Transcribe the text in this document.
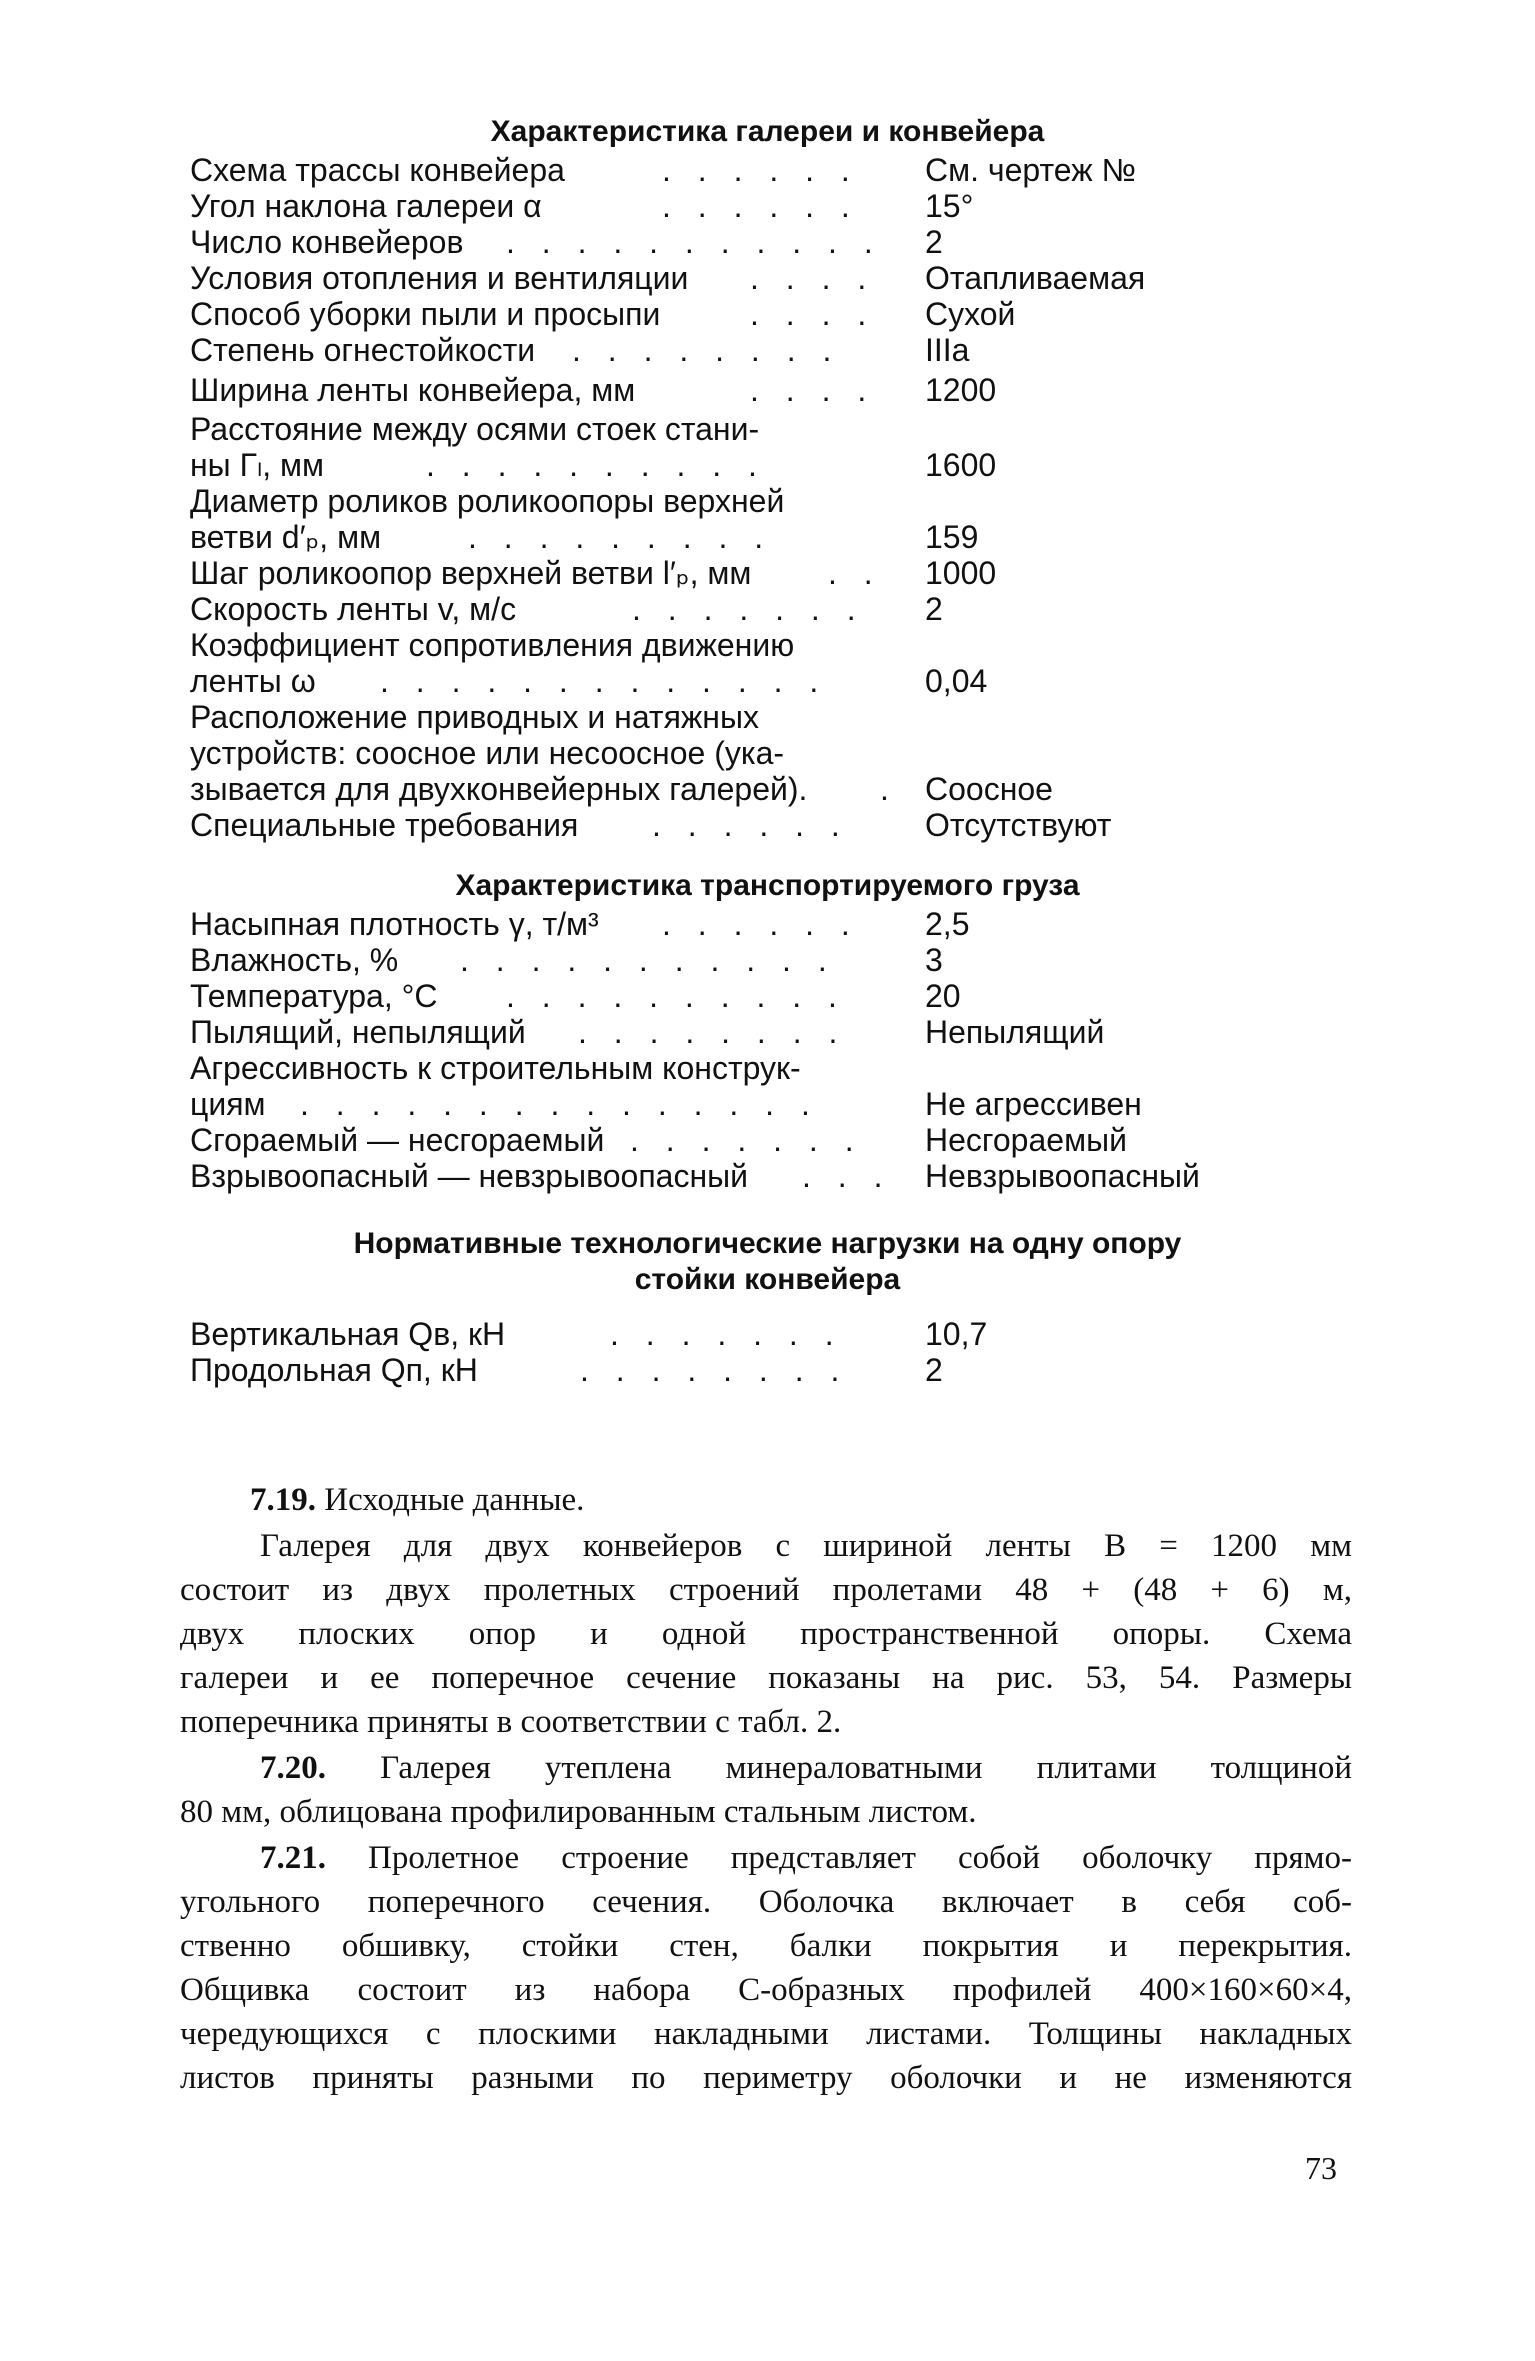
Характеристика галереи и конвейера
Схема трассы конвейера	. . . . . . См. чертеж №
Угол наклона галереи α	. . . . . . 15°
Число конвейеров . . . . . . . . . . . 2
Условия отопления и вентиляции . . . . Отапливаемая
Способ уборки пыли и просыпи	. . . . Сухой
Степень огнестойкости . . . . . . . .	IIIa
Ширина ленты конвейера, мм	. . . . 1200
Расстояние между осями стоек стани-
ны Гₗ, мм	. . . . . . . . . .	1600
Диаметр роликов роликоопоры верхней
ветви d′ₚ, мм	. . . . . . . . .	159
Шаг роликоопор верхней ветви l′ₚ, мм . . 1000
Скорость ленты v, м/с	. . . . . . . 2
Коэффициент сопротивления движению
ленты ω . . . . . . . . . . . . .	0,04
Расположение приводных и натяжных
устройств: соосное или несоосное (ука-
зывается для двухконвейерных галерей). . Соосное
Специальные требования . . . . . . Отсутствуют
Характеристика транспортируемого груза
Насыпная плотность γ, т/м³ . . . . . . 2,5
Влажность, % . . . . . . . . . . .	3
Температура, °С . . . . . . . . . . 20
Пылящий, непылящий . . . . . . . . Непылящий
Агрессивность к строительным конструк-
циям . . . . . . . . . . . . . . .	Не агрессивен
Сгораемый — несгораемый . . . . . . . Несгораемый
Взрывоопасный — невзрывоопасный . . . Невзрывоопасный
Нормативные технологические нагрузки на одну опору
стойки конвейера
Вертикальная Qв, кН	. . . . . . .	10,7
Продольная Qп, кН	. . . . . . . . 2
7.19. Исходные данные.
Галерея для двух конвейеров с шириной ленты B = 1200 мм
состоит из двух пролетных строений пролетами 48 + (48 + 6) м,
двух плоских опор и одной пространственной опоры. Схема
галереи и ее поперечное сечение показаны на рис. 53, 54. Размеры
поперечника приняты в соответствии с табл. 2.
7.20. Галерея утеплена минераловатными плитами толщиной
80 мм, облицована профилированным стальным листом.
7.21. Пролетное строение представляет собой оболочку прямо-
угольного поперечного сечения. Оболочка включает в себя соб-
ственно обшивку, стойки стен, балки покрытия и перекрытия.
Общивка состоит из набора С-образных профилей 400×160×60×4,
чередующихся с плоскими накладными листами. Толщины накладных
листов приняты разными по периметру оболочки и не изменяются
73
